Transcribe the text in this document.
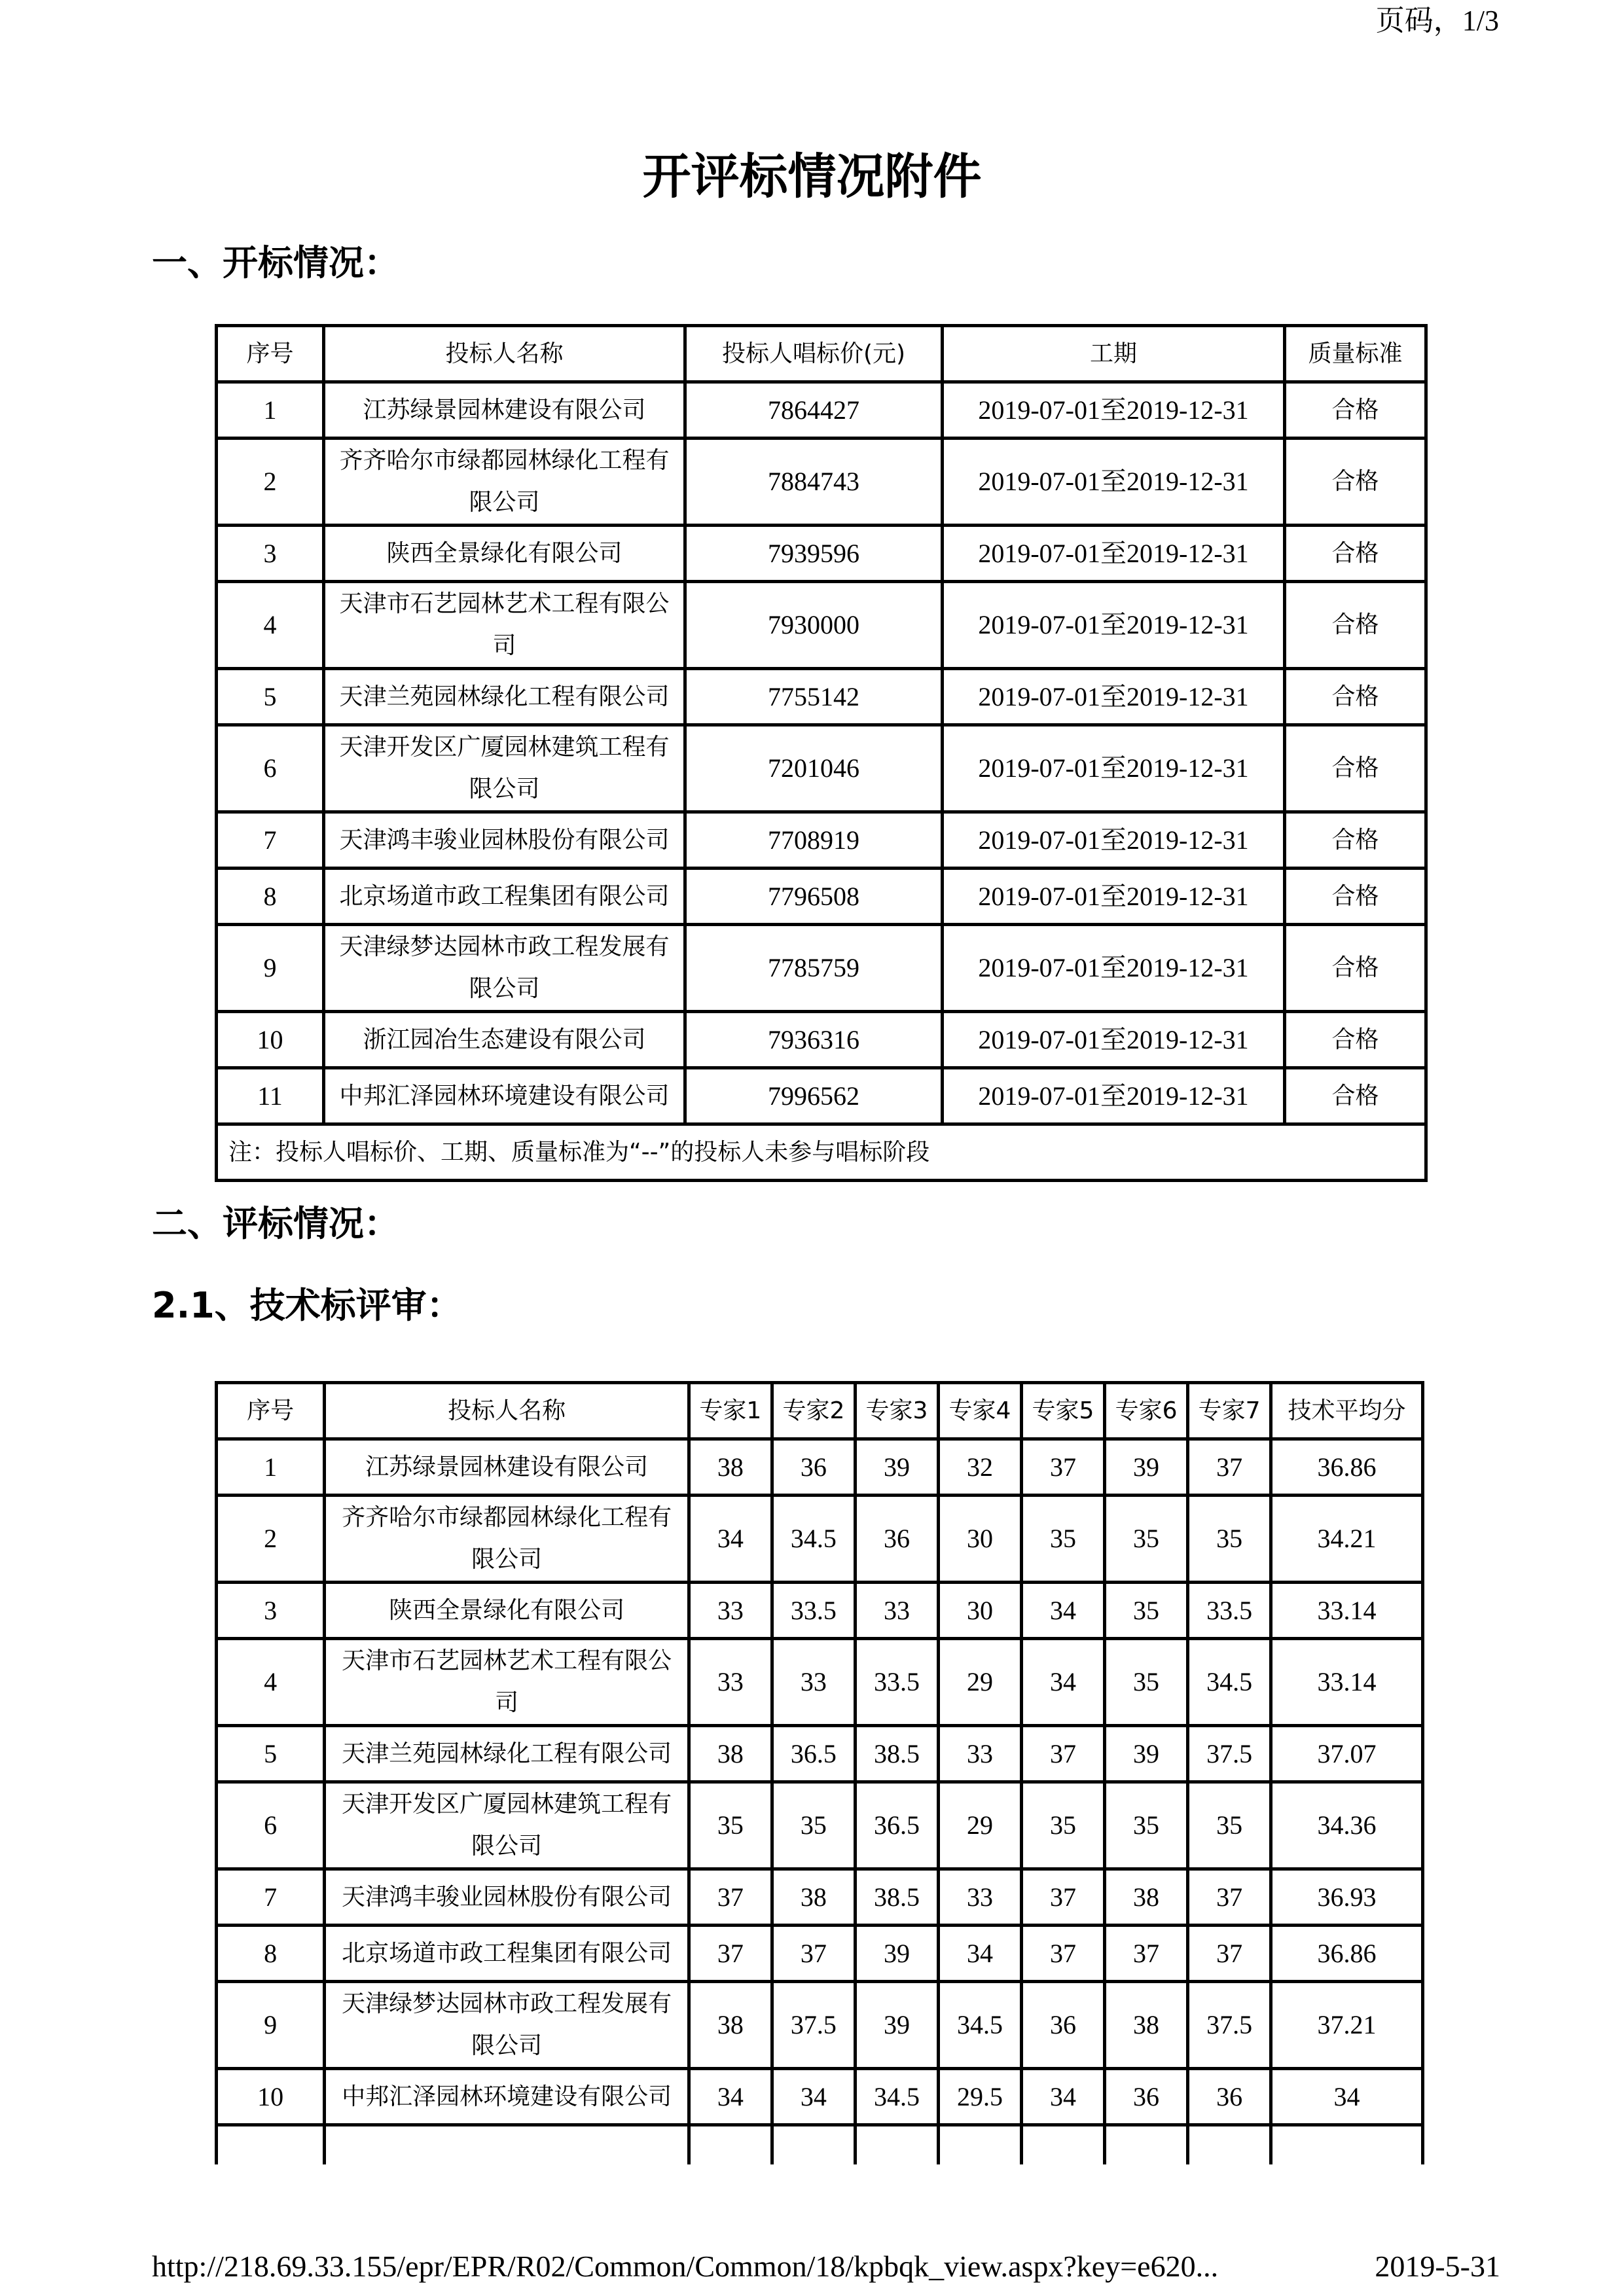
页码，1/3
开评标情况附件
一、开标情况：
序号	投标人名称	投标人唱标价(元)	工期	质量标准
1	江苏绿景园林建设有限公司	7864427	2019-07-01至2019-12-31	合格
2	齐齐哈尔市绿都园林绿化工程有限公司	7884743	2019-07-01至2019-12-31	合格
3	陕西全景绿化有限公司	7939596	2019-07-01至2019-12-31	合格
4	天津市石艺园林艺术工程有限公司	7930000	2019-07-01至2019-12-31	合格
5	天津兰苑园林绿化工程有限公司	7755142	2019-07-01至2019-12-31	合格
6	天津开发区广厦园林建筑工程有限公司	7201046	2019-07-01至2019-12-31	合格
7	天津鸿丰骏业园林股份有限公司	7708919	2019-07-01至2019-12-31	合格
8	北京场道市政工程集团有限公司	7796508	2019-07-01至2019-12-31	合格
9	天津绿梦达园林市政工程发展有限公司	7785759	2019-07-01至2019-12-31	合格
10	浙江园冶生态建设有限公司	7936316	2019-07-01至2019-12-31	合格
11	中邦汇泽园林环境建设有限公司	7996562	2019-07-01至2019-12-31	合格
注：投标人唱标价、工期、质量标准为“--”的投标人未参与唱标阶段				
二、评标情况：
2.1、技术标评审：
序号	投标人名称	专家1	专家2	专家3	专家4	专家5	专家6	专家7	技术平均分
1	江苏绿景园林建设有限公司	38	36	39	32	37	39	37	36.86
2	齐齐哈尔市绿都园林绿化工程有限公司	34	34.5	36	30	35	35	35	34.21
3	陕西全景绿化有限公司	33	33.5	33	30	34	35	33.5	33.14
4	天津市石艺园林艺术工程有限公司	33	33	33.5	29	34	35	34.5	33.14
5	天津兰苑园林绿化工程有限公司	38	36.5	38.5	33	37	39	37.5	37.07
6	天津开发区广厦园林建筑工程有限公司	35	35	36.5	29	35	35	35	34.36
7	天津鸿丰骏业园林股份有限公司	37	38	38.5	33	37	38	37	36.93
8	北京场道市政工程集团有限公司	37	37	39	34	37	37	37	36.86
9	天津绿梦达园林市政工程发展有限公司	38	37.5	39	34.5	36	38	37.5	37.21
10	中邦汇泽园林环境建设有限公司	34	34	34.5	29.5	34	36	36	34

http://218.69.33.155/epr/EPR/R02/Common/Common/18/kpbqk_view.aspx?key=e620...	2019-5-31
